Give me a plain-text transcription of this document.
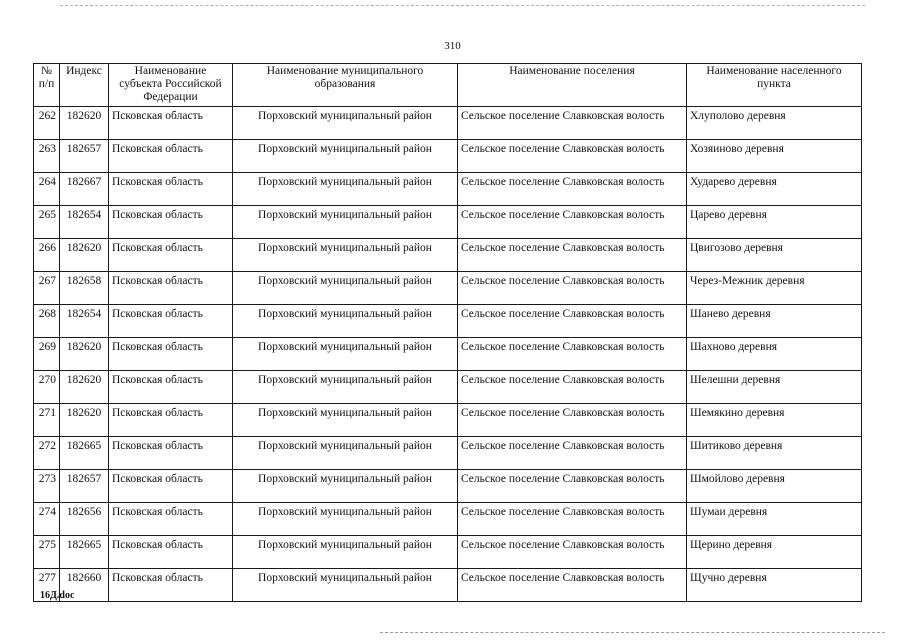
310
№ п/п	Индекс	Наименование субъекта Российской Федерации	Наименование муниципального образования	Наименование поселения	Наименование населенного пункта
262	182620	Псковская область	Порховский муниципальный район	Сельское поселение Славковская волость	Хлуполово деревня
263	182657	Псковская область	Порховский муниципальный район	Сельское поселение Славковская волость	Хозяиново деревня
264	182667	Псковская область	Порховский муниципальный район	Сельское поселение Славковская волость	Хударево деревня
265	182654	Псковская область	Порховский муниципальный район	Сельское поселение Славковская волость	Царево деревня
266	182620	Псковская область	Порховский муниципальный район	Сельское поселение Славковская волость	Цвигозово деревня
267	182658	Псковская область	Порховский муниципальный район	Сельское поселение Славковская волость	Через-Межник деревня
268	182654	Псковская область	Порховский муниципальный район	Сельское поселение Славковская волость	Шанево деревня
269	182620	Псковская область	Порховский муниципальный район	Сельское поселение Славковская волость	Шахново деревня
270	182620	Псковская область	Порховский муниципальный район	Сельское поселение Славковская волость	Шелешни деревня
271	182620	Псковская область	Порховский муниципальный район	Сельское поселение Славковская волость	Шемякино деревня
272	182665	Псковская область	Порховский муниципальный район	Сельское поселение Славковская волость	Шитиково деревня
273	182657	Псковская область	Порховский муниципальный район	Сельское поселение Славковская волость	Шмойлово деревня
274	182656	Псковская область	Порховский муниципальный район	Сельское поселение Славковская волость	Шумаи деревня
275	182665	Псковская область	Порховский муниципальный район	Сельское поселение Славковская волость	Щерино деревня
277	182660	Псковская область	Порховский муниципальный район	Сельское поселение Славковская волость	Щучно деревня
16Д.doc
